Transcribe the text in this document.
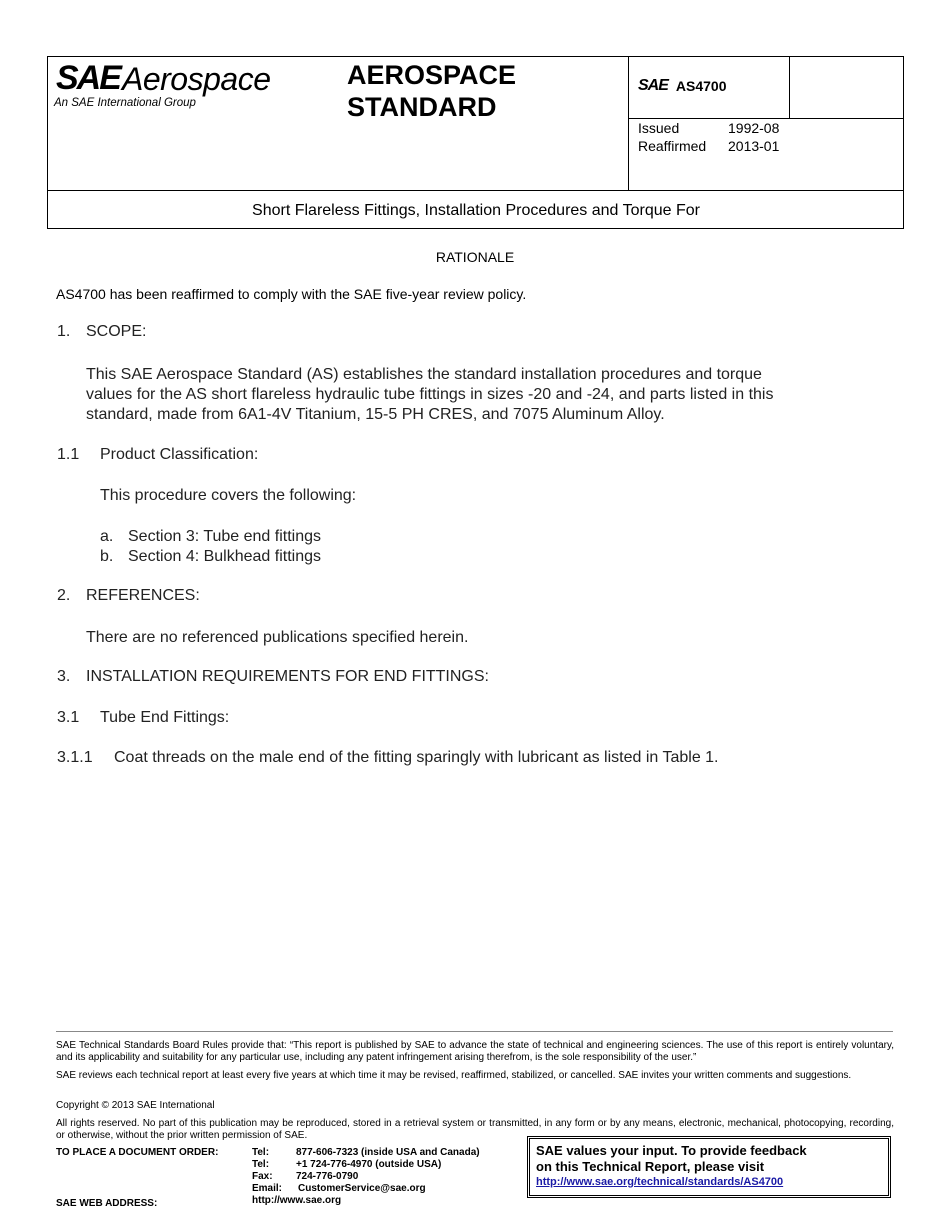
SAE Aerospace
An SAE International Group
AEROSPACE
STANDARD
SAE AS4700
Issued	1992-08
Reaffirmed	2013-01
Short Flareless Fittings, Installation Procedures and Torque For
RATIONALE
AS4700 has been reaffirmed to comply with the SAE five-year review policy.
1. SCOPE:
This SAE Aerospace Standard (AS) establishes the standard installation procedures and torque
values for the AS short flareless hydraulic tube fittings in sizes -20 and -24, and parts listed in this
standard, made from 6A1-4V Titanium, 15-5 PH CRES, and 7075 Aluminum Alloy.
1.1 Product Classification:
This procedure covers the following:
a. Section 3: Tube end fittings
b. Section 4: Bulkhead fittings
2. REFERENCES:
There are no referenced publications specified herein.
3. INSTALLATION REQUIREMENTS FOR END FITTINGS:
3.1 Tube End Fittings:
3.1.1 Coat threads on the male end of the fitting sparingly with lubricant as listed in Table 1.
SAE Technical Standards Board Rules provide that: “This report is published by SAE to advance the state of technical and engineering sciences. The use of this report is entirely voluntary, and its applicability and suitability for any particular use, including any patent infringement arising therefrom, is the sole responsibility of the user.”
SAE reviews each technical report at least every five years at which time it may be revised, reaffirmed, stabilized, or cancelled. SAE invites your written comments and suggestions.
Copyright © 2013 SAE International
All rights reserved. No part of this publication may be reproduced, stored in a retrieval system or transmitted, in any form or by any means, electronic, mechanical, photocopying, recording, or otherwise, without the prior written permission of SAE.
TO PLACE A DOCUMENT ORDER:
SAE WEB ADDRESS:
Tel:	877-606-7323 (inside USA and Canada)
Tel:	+1 724-776-4970 (outside USA)
Fax:	724-776-0790
Email:	CustomerService@sae.org
http://www.sae.org
SAE values your input. To provide feedback
on this Technical Report, please visit
http://www.sae.org/technical/standards/AS4700
